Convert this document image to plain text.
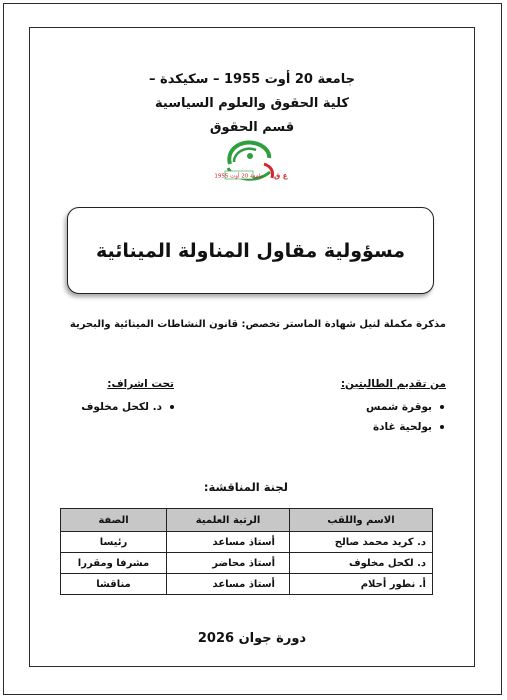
جامعة 20 أوت 1955 – سكيكدة –
كلية الحقوق والعلوم السياسية
قسم الحقوق
ع ق
جامعة 20 أوت 1955
مسؤولية مقاول المناولة المينائية
مذكرة مكملة لنيل شهادة الماستر تخصص: قانون النشاطات المينائية والبحرية
من تقديم الطالبتين:
بوقرة شمس
بولحية غادة
تحت اشراف:
د. لكحل مخلوف
لجنة المناقشة:
الاسم واللقب	الرتبة العلمية	الصفة
د. كريد محمد صالح	أستاذ مساعد	رئيسا
د. لكحل مخلوف	أستاذ محاضر	مشرفا ومقررا
أ. نطور أحلام	أستاذ مساعد	مناقشا
دورة جوان 2026
